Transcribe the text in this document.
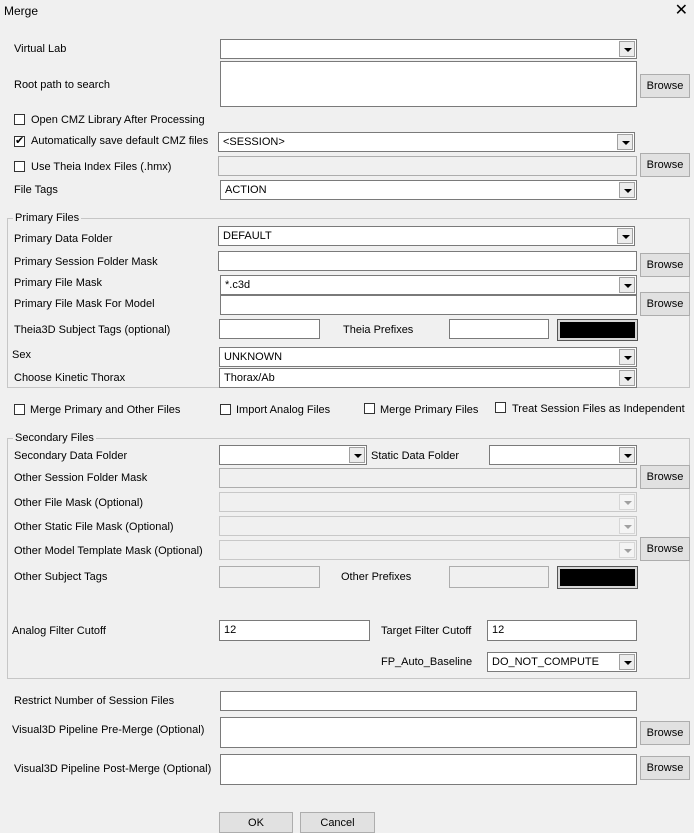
Merge	✕
Virtual Lab
Root path to search	Browse
Open CMZ Library After Processing
✔
Automatically save default CMZ files	<SESSION>
Use Theia Index Files (.hmx)	Browse
File Tags	ACTION
Primary Files
Primary Data Folder	DEFAULT
Primary Session Folder Mask	Browse
Primary File Mask	*.c3d
Primary File Mask For Model	Browse
Theia3D Subject Tags (optional)	Theia Prefixes
Sex	UNKNOWN
Choose Kinetic Thorax	Thorax/Ab
Merge Primary and Other Files	Import Analog Files	Merge Primary Files	Treat Session Files as Independent
Secondary Files
Secondary Data Folder	Static Data Folder
Other Session Folder Mask	Browse
Other File Mask (Optional)
Other Static File Mask (Optional)
Other Model Template Mask (Optional)	Browse
Other Subject Tags	Other Prefixes
Analog Filter Cutoff	12	Target Filter Cutoff	12
FP_Auto_Baseline	DO_NOT_COMPUTE
Restrict Number of Session Files
Visual3D Pipeline Pre-Merge (Optional)	Browse
Visual3D Pipeline Post-Merge (Optional)	Browse
OK	Cancel
